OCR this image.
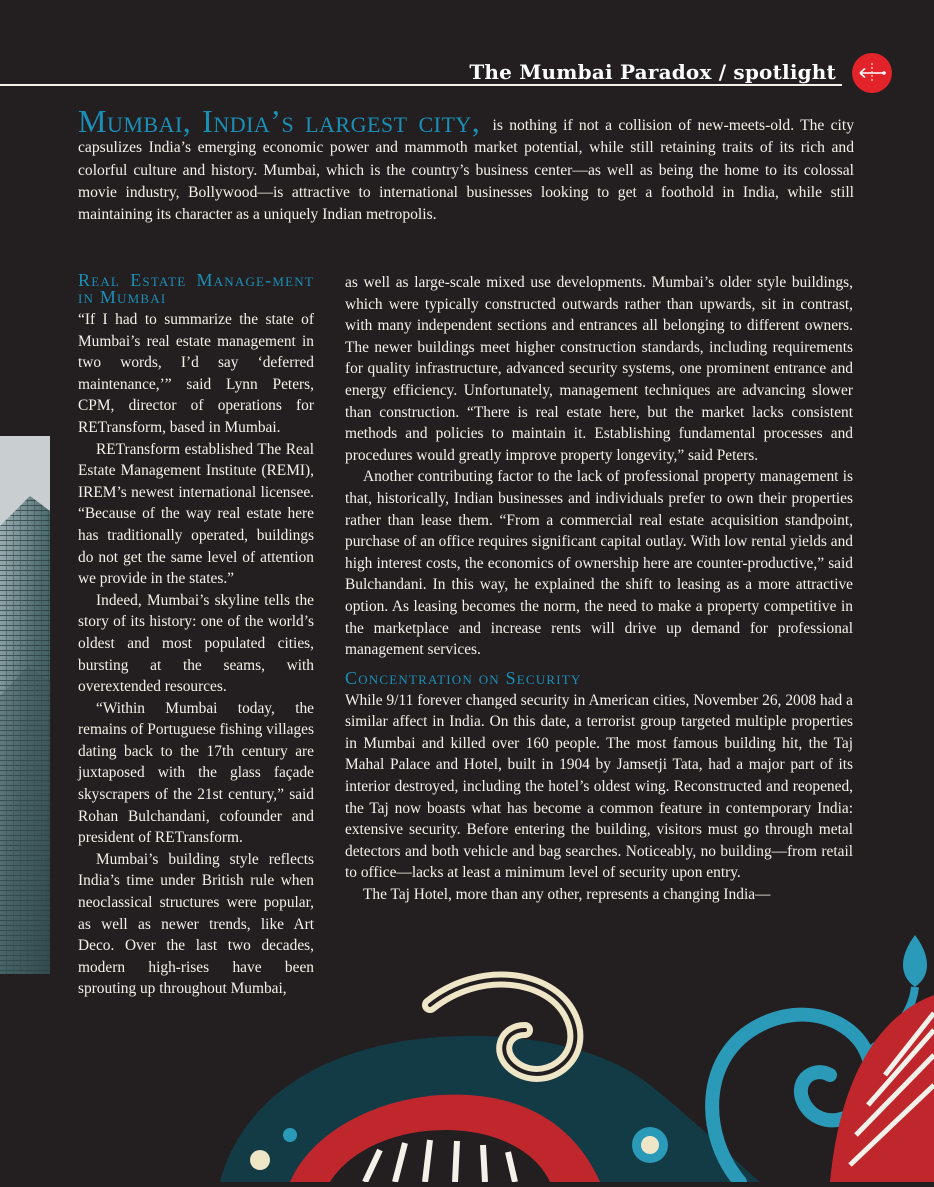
The Mumbai Paradox / spotlight
Mumbai, India’s largest city, is nothing if not a collision of new-meets-old. The city capsulizes India’s emerging economic power and mammoth market potential, while still retaining traits of its rich and colorful culture and history. Mumbai, which is the country’s business center—as well as being the home to its colossal movie industry, Bollywood—is attractive to international businesses looking to get a foothold in India, while still maintaining its character as a uniquely Indian metropolis.
Real Estate Manage-ment in Mumbai

“If I had to summarize the state of Mumbai’s real estate management in two words, I’d say ‘deferred maintenance,’” said Lynn Peters, CPM, director of operations for RETransform, based in Mumbai.

RETransform established The Real Estate Management Institute (REMI), IREM’s newest international licensee. “Because of the way real estate here has traditionally operated, buildings do not get the same level of attention we provide in the states.”

Indeed, Mumbai’s skyline tells the story of its history: one of the world’s oldest and most populated cities, bursting at the seams, with overextended resources.

“Within Mumbai today, the remains of Portuguese fishing villages dating back to the 17th century are juxtaposed with the glass façade skyscrapers of the 21st century,” said Rohan Bulchandani, cofounder and president of RETransform.

Mumbai’s building style reflects India’s time under British rule when neoclassical structures were popular, as well as newer trends, like Art Deco. Over the last two decades, modern high-rises have been sprouting up throughout Mumbai,

as well as large-scale mixed use developments. Mumbai’s older style buildings, which were typically constructed outwards rather than upwards, sit in contrast, with many independent sections and entrances all belonging to different owners. The newer buildings meet higher construction standards, including requirements for quality infrastructure, advanced security systems, one prominent entrance and energy efficiency. Unfortunately, management techniques are advancing slower than construction. “There is real estate here, but the market lacks consistent methods and policies to maintain it. Establishing fundamental processes and procedures would greatly improve property longevity,” said Peters.

Another contributing factor to the lack of professional property management is that, historically, Indian businesses and individuals prefer to own their properties rather than lease them. “From a commercial real estate acquisition standpoint, purchase of an office requires significant capital outlay. With low rental yields and high interest costs, the economics of ownership here are counter-productive,” said Bulchandani. In this way, he explained the shift to leasing as a more attractive option. As leasing becomes the norm, the need to make a property competitive in the marketplace and increase rents will drive up demand for professional management services.

Concentration on Security

While 9/11 forever changed security in American cities, November 26, 2008 had a similar affect in India. On this date, a terrorist group targeted multiple properties in Mumbai and killed over 160 people. The most famous building hit, the Taj Mahal Palace and Hotel, built in 1904 by Jamsetji Tata, had a major part of its interior destroyed, including the hotel’s oldest wing. Reconstructed and reopened, the Taj now boasts what has become a common feature in contemporary India: extensive security. Before entering the building, visitors must go through metal detectors and both vehicle and bag searches. Noticeably, no building—from retail to office—lacks at least a minimum level of security upon entry.

The Taj Hotel, more than any other, represents a changing India—
